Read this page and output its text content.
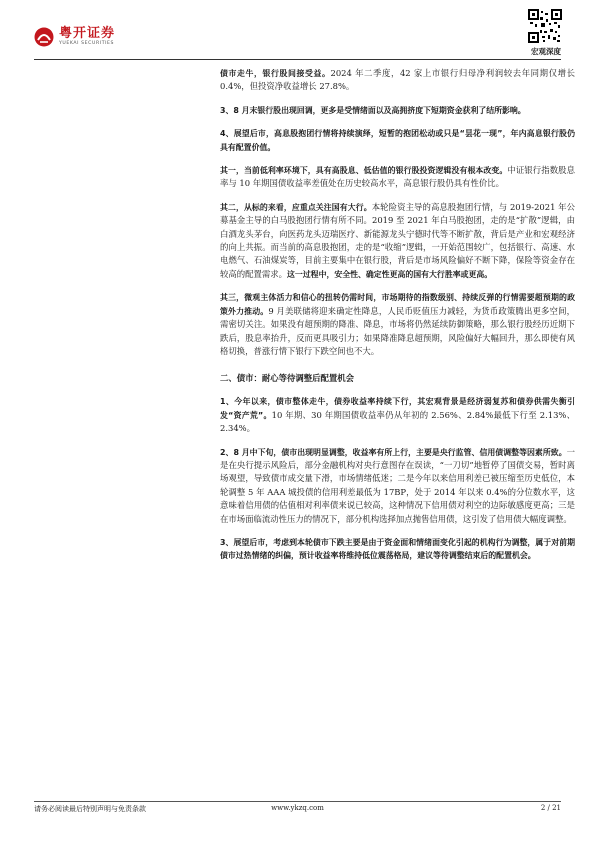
粤开证券
YUEKAI SECURITIES
宏观深度

债市走牛，银行股间接受益。2024 年二季度，42 家上市银行归母净利润较去年同期仅增长 0.4%，但投资净收益增长 27.8%。

3、8 月末银行股出现回调，更多是受情绪面以及高拥挤度下短期资金获利了结所影响。

4、展望后市，高息股抱团行情将持续演绎，短暂的抱团松动或只是“昙花一现”，年内高息银行股仍具有配置价值。

其一，当前低利率环境下，具有高股息、低估值的银行股投资逻辑没有根本改变。中证银行指数股息率与 10 年期国债收益率差值处在历史较高水平，高息银行股仍具有性价比。

其二，从标的来看，应重点关注国有大行。本轮险资主导的高息股抱团行情，与 2019-2021 年公募基金主导的白马股抱团行情有所不同。2019 至 2021 年白马股抱团，走的是“扩散”逻辑，由白酒龙头茅台，向医药龙头迈瑞医疗、新能源龙头宁德时代等不断扩散，背后是产业和宏观经济的向上共振。而当前的高息股抱团，走的是“收缩”逻辑，一开始范围较广，包括银行、高速、水电燃气、石油煤炭等，目前主要集中在银行股，背后是市场风险偏好不断下降，保险等资金存在较高的配置需求。这一过程中，安全性、确定性更高的国有大行胜率或更高。

其三，微观主体活力和信心的扭转仍需时间，市场期待的指数级别、持续反弹的行情需要超预期的政策外力推动。9 月美联储将迎来确定性降息，人民币贬值压力减轻，为货币政策腾出更多空间，需密切关注。如果没有超预期的降准、降息，市场将仍然延续防御策略，那么银行股经历近期下跌后，股息率抬升，反而更具吸引力；如果降准降息超预期，风险偏好大幅回升，那么即使有风格切换，普涨行情下银行下跌空间也不大。

二、债市：耐心等待调整后配置机会

1、今年以来，债市整体走牛，债券收益率持续下行，其宏观背景是经济弱复苏和债券供需失衡引发“资产荒”。10 年期、30 年期国债收益率仍从年初的 2.56%、2.84%最低下行至 2.13%、2.34%。

2、8 月中下旬，债市出现明显调整，收益率有所上行，主要是央行监管、信用债调整等因素所致。一是在央行提示风险后，部分金融机构对央行意图存在误读，“一刀切”地暂停了国债交易，暂时离场观望，导致债市成交量下滑，市场情绪低迷；二是今年以来信用利差已被压缩至历史低位，本轮调整 5 年 AAA 城投债的信用利差最低为 17BP，处于 2014 年以来 0.4%的分位数水平，这意味着信用债的估值相对利率债来说已较高，这种情况下信用债对利空的边际敏感度更高；三是在市场面临流动性压力的情况下，部分机构选择加点抛售信用债，这引发了信用债大幅度调整。

3、展望后市，考虑到本轮债市下跌主要是由于资金面和情绪面变化引起的机构行为调整，属于对前期债市过热情绪的纠偏，预计收益率将维持低位震荡格局，建议等待调整结束后的配置机会。

请务必阅读最后特别声明与免责条款	www.ykzq.com	2 / 21
